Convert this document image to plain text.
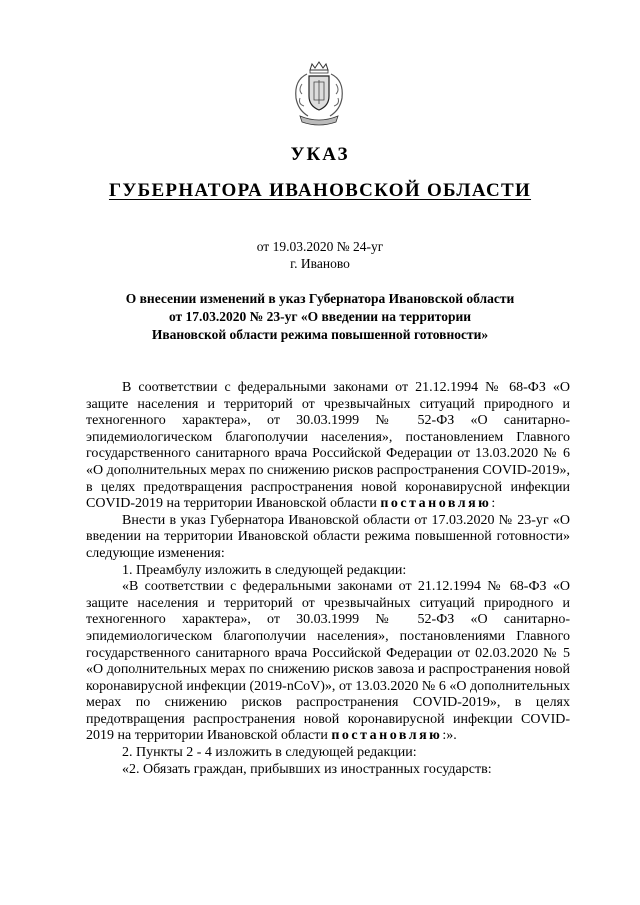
УКАЗ
ГУБЕРНАТОРА ИВАНОВСКОЙ ОБЛАСТИ
от 19.03.2020 № 24-уг
г. Иваново
О внесении изменений в указ Губернатора Ивановской области
от 17.03.2020 № 23-уг «О введении на территории
Ивановской области режима повышенной готовности»

В соответствии с федеральными законами от 21.12.1994 № 68-ФЗ «О защите населения и территорий от чрезвычайных ситуаций природного и техногенного характера», от 30.03.1999 № 52-ФЗ «О санитарно-эпидемиологическом благополучии населения», постановлением Главного государственного санитарного врача Российской Федерации от 13.03.2020 № 6 «О дополнительных мерах по снижению рисков распространения COVID-2019», в целях предотвращения распространения новой коронавирусной инфекции COVID-2019 на территории Ивановской области постановляю:

Внести в указ Губернатора Ивановской области от 17.03.2020 № 23-уг «О введении на территории Ивановской области режима повышенной готовности» следующие изменения:

1. Преамбулу изложить в следующей редакции:

«В соответствии с федеральными законами от 21.12.1994 № 68-ФЗ «О защите населения и территорий от чрезвычайных ситуаций природного и техногенного характера», от 30.03.1999 № 52-ФЗ «О санитарно-эпидемиологическом благополучии населения», постановлениями Главного государственного санитарного врача Российской Федерации от 02.03.2020 № 5 «О дополнительных мерах по снижению рисков завоза и распространения новой коронавирусной инфекции (2019-nCoV)», от 13.03.2020 № 6 «О дополнительных мерах по снижению рисков распространения COVID-2019», в целях предотвращения распространения новой коронавирусной инфекции COVID-2019 на территории Ивановской области постановляю:».

2. Пункты 2 - 4 изложить в следующей редакции:

«2. Обязать граждан, прибывших из иностранных государств:
